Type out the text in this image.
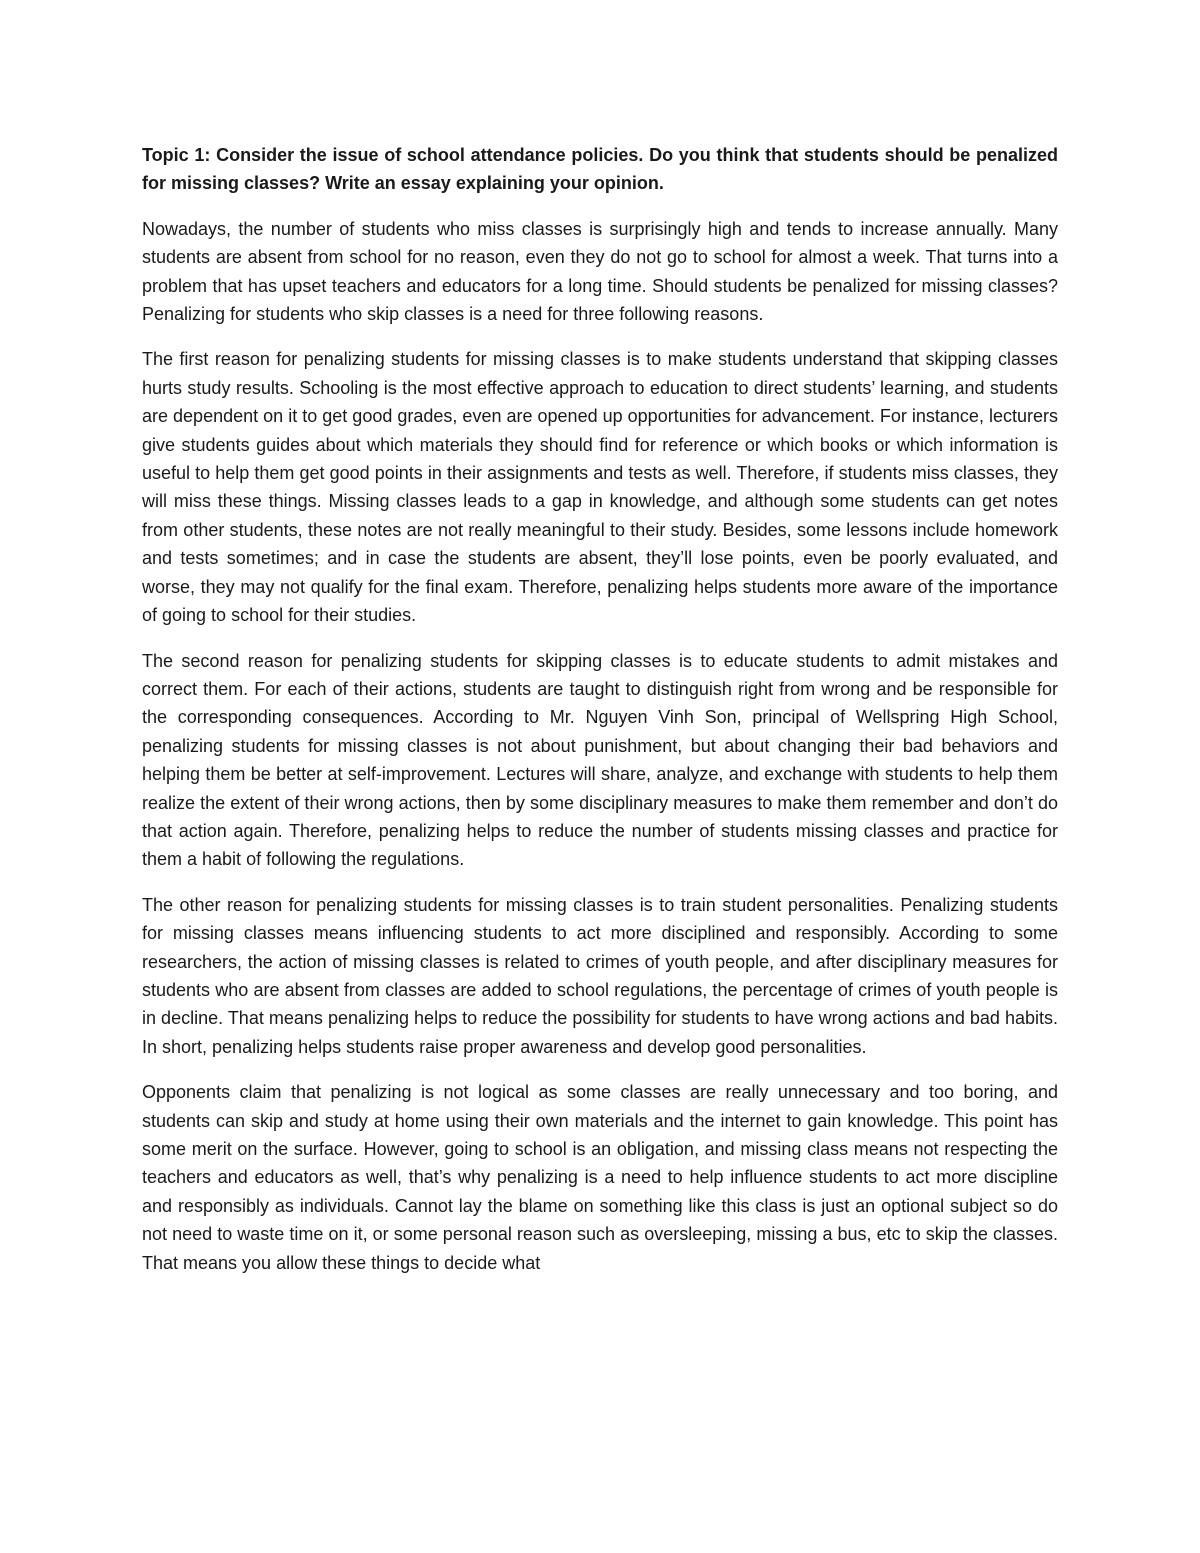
Topic 1: Consider the issue of school attendance policies. Do you think that students should be penalized for missing classes? Write an essay explaining your opinion.

Nowadays, the number of students who miss classes is surprisingly high and tends to increase annually. Many students are absent from school for no reason, even they do not go to school for almost a week. That turns into a problem that has upset teachers and educators for a long time. Should students be penalized for missing classes? Penalizing for students who skip classes is a need for three following reasons.

The first reason for penalizing students for missing classes is to make students understand that skipping classes hurts study results. Schooling is the most effective approach to education to direct students’ learning, and students are dependent on it to get good grades, even are opened up opportunities for advancement. For instance, lecturers give students guides about which materials they should find for reference or which books or which information is useful to help them get good points in their assignments and tests as well. Therefore, if students miss classes, they will miss these things. Missing classes leads to a gap in knowledge, and although some students can get notes from other students, these notes are not really meaningful to their study. Besides, some lessons include homework and tests sometimes; and in case the students are absent, they’ll lose points, even be poorly evaluated, and worse, they may not qualify for the final exam. Therefore, penalizing helps students more aware of the importance of going to school for their studies.

The second reason for penalizing students for skipping classes is to educate students to admit mistakes and correct them. For each of their actions, students are taught to distinguish right from wrong and be responsible for the corresponding consequences. According to Mr. Nguyen Vinh Son, principal of Wellspring High School, penalizing students for missing classes is not about punishment, but about changing their bad behaviors and helping them be better at self-improvement. Lectures will share, analyze, and exchange with students to help them realize the extent of their wrong actions, then by some disciplinary measures to make them remember and don’t do that action again. Therefore, penalizing helps to reduce the number of students missing classes and practice for them a habit of following the regulations.

The other reason for penalizing students for missing classes is to train student personalities. Penalizing students for missing classes means influencing students to act more disciplined and responsibly. According to some researchers, the action of missing classes is related to crimes of youth people, and after disciplinary measures for students who are absent from classes are added to school regulations, the percentage of crimes of youth people is in decline. That means penalizing helps to reduce the possibility for students to have wrong actions and bad habits. In short, penalizing helps students raise proper awareness and develop good personalities.

Opponents claim that penalizing is not logical as some classes are really unnecessary and too boring, and students can skip and study at home using their own materials and the internet to gain knowledge. This point has some merit on the surface. However, going to school is an obligation, and missing class means not respecting the teachers and educators as well, that’s why penalizing is a need to help influence students to act more discipline and responsibly as individuals. Cannot lay the blame on something like this class is just an optional subject so do not need to waste time on it, or some personal reason such as oversleeping, missing a bus, etc to skip the classes. That means you allow these things to decide what
